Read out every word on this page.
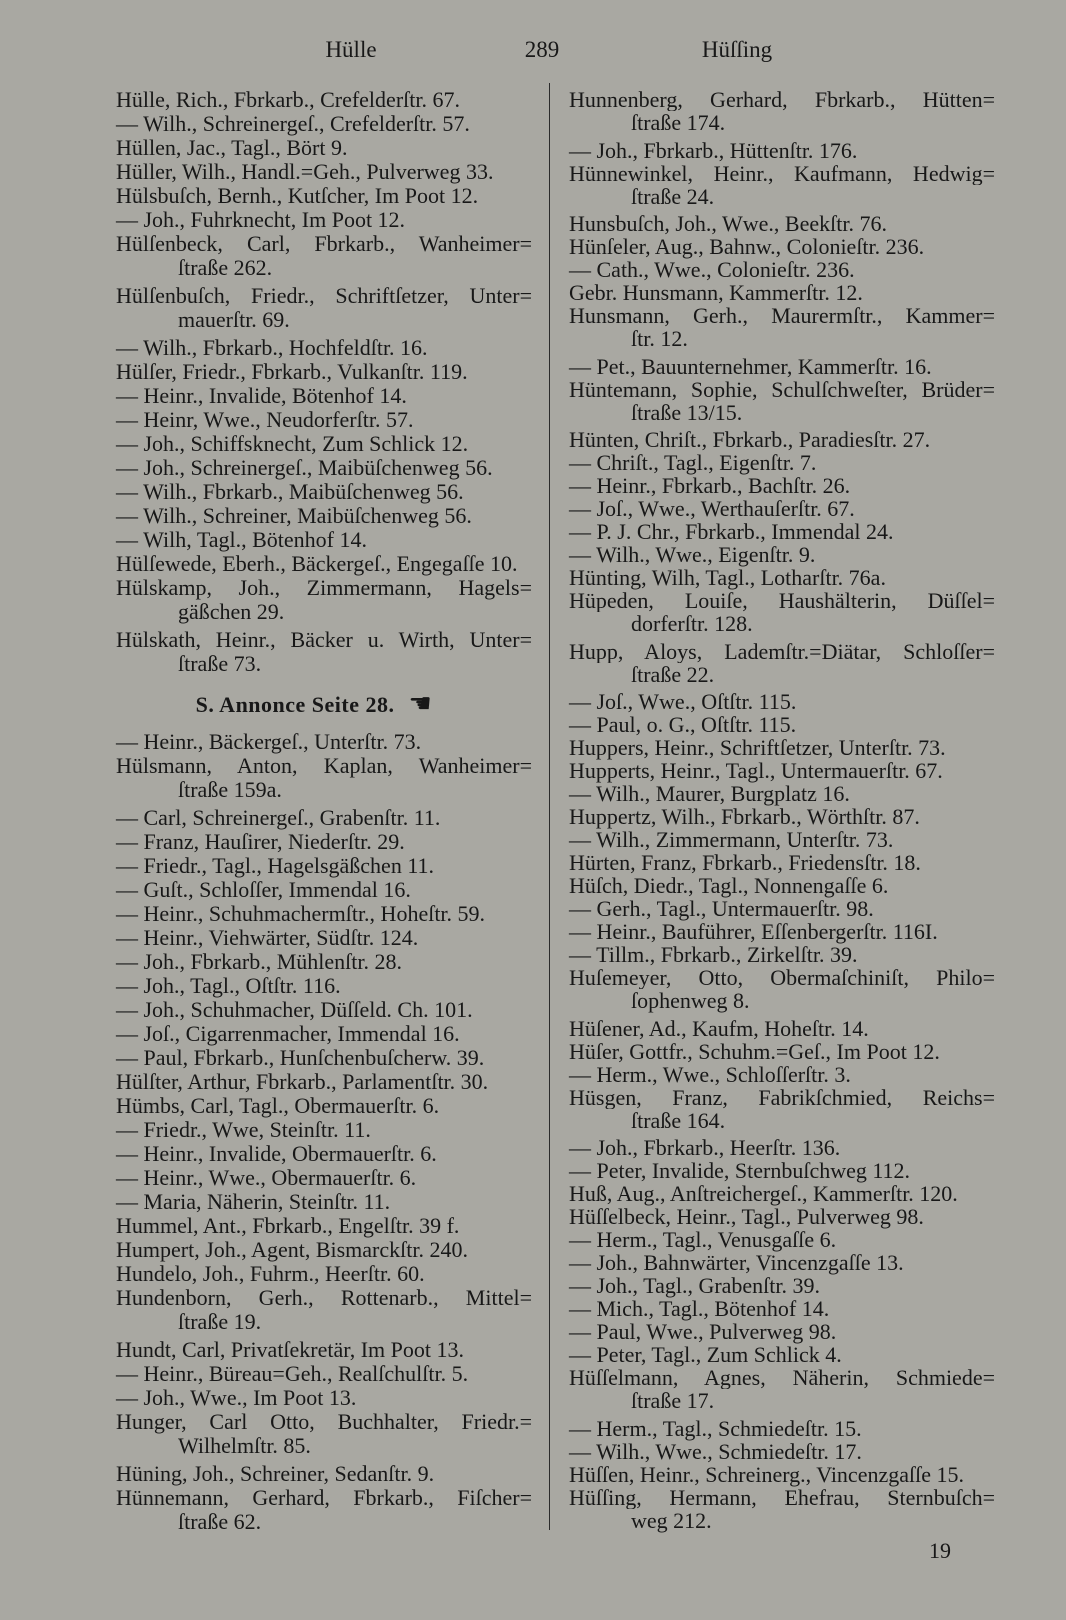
Hülle	289	Hüſſing
Hülle, Rich., Fbrkarb., Crefelderſtr. 67.
— Wilh., Schreinergeſ., Crefelderſtr. 57.
Hüllen, Jac., Tagl., Bört 9.
Hüller, Wilh., Handl.=Geh., Pulverweg 33.
Hülsbuſch, Bernh., Kutſcher, Im Poot 12.
— Joh., Fuhrknecht, Im Poot 12.
Hülſenbeck, Carl, Fbrkarb., Wanheimer=
ſtraße 262.
Hülſenbuſch, Friedr., Schriftſetzer, Unter=
mauerſtr. 69.
— Wilh., Fbrkarb., Hochfeldſtr. 16.
Hülſer, Friedr., Fbrkarb., Vulkanſtr. 119.
— Heinr., Invalide, Bötenhof 14.
— Heinr, Wwe., Neudorferſtr. 57.
— Joh., Schiffsknecht, Zum Schlick 12.
— Joh., Schreinergeſ., Maibüſchenweg 56.
— Wilh., Fbrkarb., Maibüſchenweg 56.
— Wilh., Schreiner, Maibüſchenweg 56.
— Wilh, Tagl., Bötenhof 14.
Hülſewede, Eberh., Bäckergeſ., Engegaſſe 10.
Hülskamp, Joh., Zimmermann, Hagels=
gäßchen 29.
Hülskath, Heinr., Bäcker u. Wirth, Unter=
ſtraße 73.
S. Annonce Seite 28.☚
— Heinr., Bäckergeſ., Unterſtr. 73.
Hülsmann, Anton, Kaplan, Wanheimer=
ſtraße 159a.
— Carl, Schreinergeſ., Grabenſtr. 11.
— Franz, Hauſirer, Niederſtr. 29.
— Friedr., Tagl., Hagelsgäßchen 11.
— Guſt., Schloſſer, Immendal 16.
— Heinr., Schuhmachermſtr., Hoheſtr. 59.
— Heinr., Viehwärter, Südſtr. 124.
— Joh., Fbrkarb., Mühlenſtr. 28.
— Joh., Tagl., Oſtſtr. 116.
— Joh., Schuhmacher, Düſſeld. Ch. 101.
— Joſ., Cigarrenmacher, Immendal 16.
— Paul, Fbrkarb., Hunſchenbuſcherw. 39.
Hülſter, Arthur, Fbrkarb., Parlamentſtr. 30.
Hümbs, Carl, Tagl., Obermauerſtr. 6.
— Friedr., Wwe, Steinſtr. 11.
— Heinr., Invalide, Obermauerſtr. 6.
— Heinr., Wwe., Obermauerſtr. 6.
— Maria, Näherin, Steinſtr. 11.
Hummel, Ant., Fbrkarb., Engelſtr. 39 f.
Humpert, Joh., Agent, Bismarckſtr. 240.
Hundelo, Joh., Fuhrm., Heerſtr. 60.
Hundenborn, Gerh., Rottenarb., Mittel=
ſtraße 19.
Hundt, Carl, Privatſekretär, Im Poot 13.
— Heinr., Büreau=Geh., Realſchulſtr. 5.
— Joh., Wwe., Im Poot 13.
Hunger, Carl Otto, Buchhalter, Friedr.=
Wilhelmſtr. 85.
Hüning, Joh., Schreiner, Sedanſtr. 9.
Hünnemann, Gerhard, Fbrkarb., Fiſcher=
ſtraße 62.
Hunnenberg, Gerhard, Fbrkarb., Hütten=
ſtraße 174.
— Joh., Fbrkarb., Hüttenſtr. 176.
Hünnewinkel, Heinr., Kaufmann, Hedwig=
ſtraße 24.
Hunsbuſch, Joh., Wwe., Beekſtr. 76.
Hünſeler, Aug., Bahnw., Colonieſtr. 236.
— Cath., Wwe., Colonieſtr. 236.
Gebr. Hunsmann, Kammerſtr. 12.
Hunsmann, Gerh., Maurermſtr., Kammer=
ſtr. 12.
— Pet., Bauunternehmer, Kammerſtr. 16.
Hüntemann, Sophie, Schulſchweſter, Brüder=
ſtraße 13/15.
Hünten, Chriſt., Fbrkarb., Paradiesſtr. 27.
— Chriſt., Tagl., Eigenſtr. 7.
— Heinr., Fbrkarb., Bachſtr. 26.
— Joſ., Wwe., Werthauſerſtr. 67.
— P. J. Chr., Fbrkarb., Immendal 24.
— Wilh., Wwe., Eigenſtr. 9.
Hünting, Wilh, Tagl., Lotharſtr. 76a.
Hüpeden, Louiſe, Haushälterin, Düſſel=
dorferſtr. 128.
Hupp, Aloys, Lademſtr.=Diätar, Schloſſer=
ſtraße 22.
— Joſ., Wwe., Oſtſtr. 115.
— Paul, o. G., Oſtſtr. 115.
Huppers, Heinr., Schriftſetzer, Unterſtr. 73.
Hupperts, Heinr., Tagl., Untermauerſtr. 67.
— Wilh., Maurer, Burgplatz 16.
Huppertz, Wilh., Fbrkarb., Wörthſtr. 87.
— Wilh., Zimmermann, Unterſtr. 73.
Hürten, Franz, Fbrkarb., Friedensſtr. 18.
Hüſch, Diedr., Tagl., Nonnengaſſe 6.
— Gerh., Tagl., Untermauerſtr. 98.
— Heinr., Bauführer, Eſſenbergerſtr. 116I.
— Tillm., Fbrkarb., Zirkelſtr. 39.
Huſemeyer, Otto, Obermaſchiniſt, Philo=
ſophenweg 8.
Hüſener, Ad., Kaufm, Hoheſtr. 14.
Hüſer, Gottfr., Schuhm.=Geſ., Im Poot 12.
— Herm., Wwe., Schloſſerſtr. 3.
Hüsgen, Franz, Fabrikſchmied, Reichs=
ſtraße 164.
— Joh., Fbrkarb., Heerſtr. 136.
— Peter, Invalide, Sternbuſchweg 112.
Huß, Aug., Anſtreichergeſ., Kammerſtr. 120.
Hüſſelbeck, Heinr., Tagl., Pulverweg 98.
— Herm., Tagl., Venusgaſſe 6.
— Joh., Bahnwärter, Vincenzgaſſe 13.
— Joh., Tagl., Grabenſtr. 39.
— Mich., Tagl., Bötenhof 14.
— Paul, Wwe., Pulverweg 98.
— Peter, Tagl., Zum Schlick 4.
Hüſſelmann, Agnes, Näherin, Schmiede=
ſtraße 17.
— Herm., Tagl., Schmiedeſtr. 15.
— Wilh., Wwe., Schmiedeſtr. 17.
Hüſſen, Heinr., Schreinerg., Vincenzgaſſe 15.
Hüſſing, Hermann, Ehefrau, Sternbuſch=
weg 212.
19
